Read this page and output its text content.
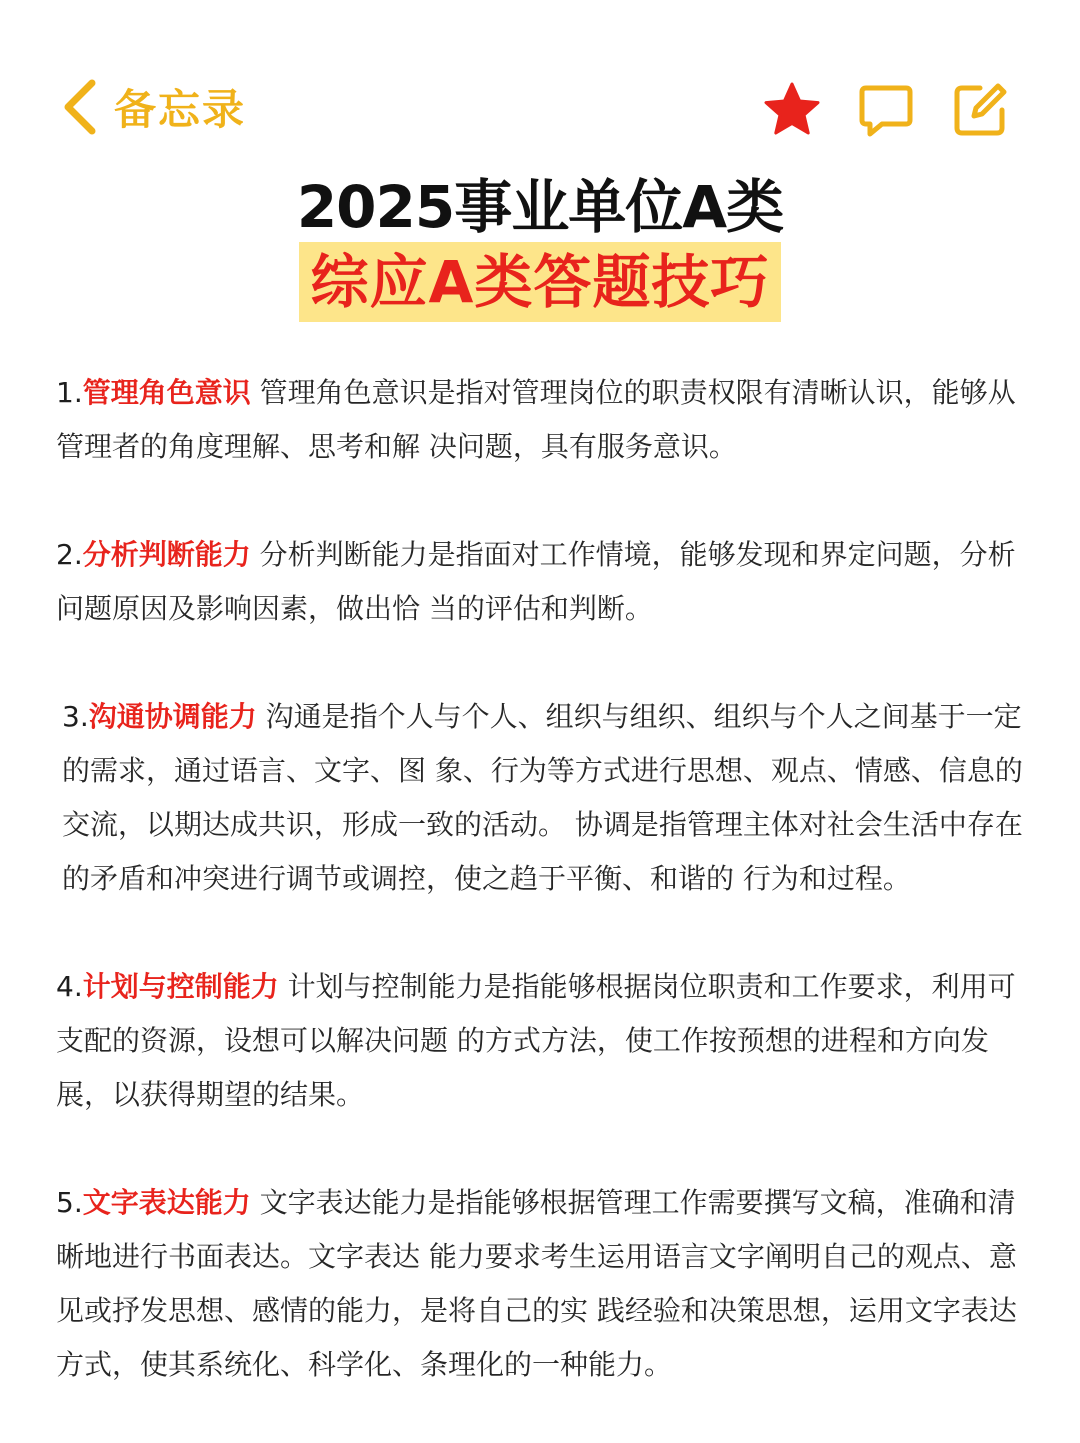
备忘录
2025事业单位A类
综应A类答题技巧

1.管理角色意识 管理角色意识是指对管理岗位的职责权限有清晰认识，能够从管理者的角度理解、思考和解 决问题，具有服务意识。

2.分析判断能力 分析判断能力是指面对工作情境，能够发现和界定问题，分析问题原因及影响因素，做出恰 当的评估和判断。

3.沟通协调能力 沟通是指个人与个人、组织与组织、组织与个人之间基于一定的需求，通过语言、文字、图 象、行为等方式进行思想、观点、情感、信息的交流，以期达成共识，形成一致的活动。 协调是指管理主体对社会生活中存在的矛盾和冲突进行调节或调控，使之趋于平衡、和谐的 行为和过程。

4.计划与控制能力 计划与控制能力是指能够根据岗位职责和工作要求，利用可支配的资源，设想可以解决问题 的方式方法，使工作按预想的进程和方向发展，以获得期望的结果。

5.文字表达能力 文字表达能力是指能够根据管理工作需要撰写文稿，准确和清晰地进行书面表达。文字表达 能力要求考生运用语言文字阐明自己的观点、意见或抒发思想、感情的能力，是将自己的实 践经验和决策思想，运用文字表达方式，使其系统化、科学化、条理化的一种能力。
